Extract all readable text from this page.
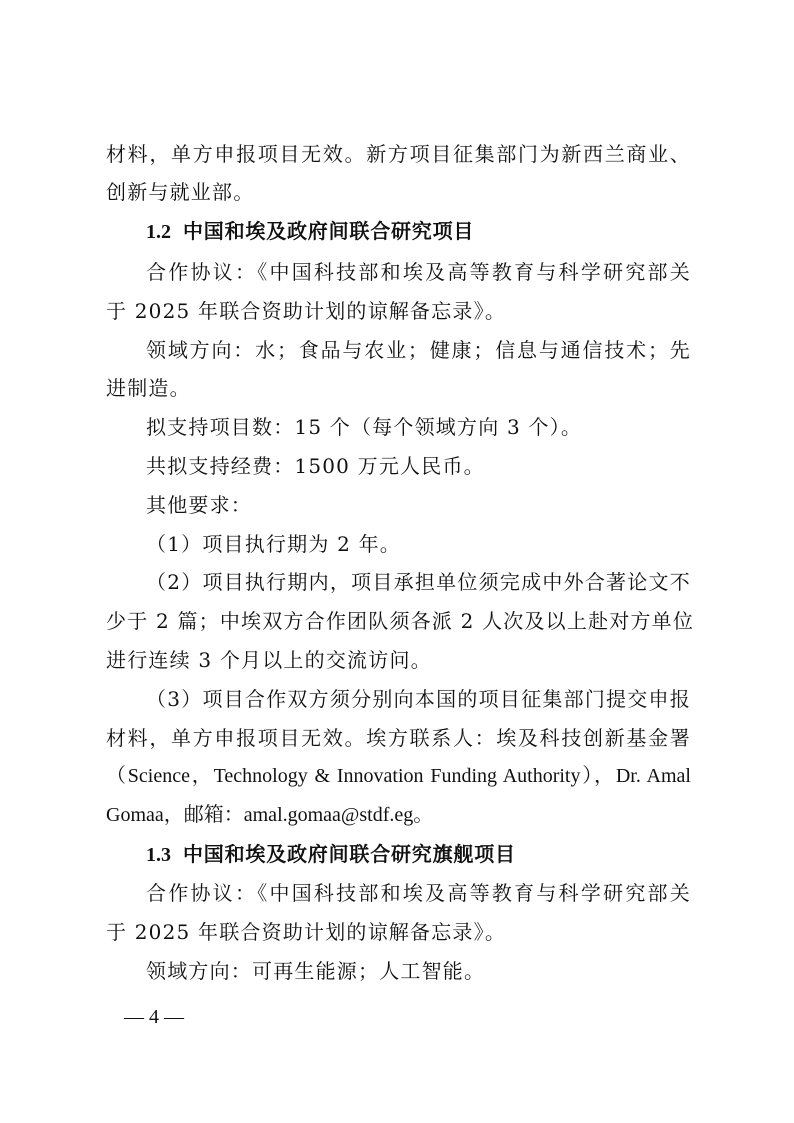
材料，单方申报项目无效。新方项目征集部门为新西兰商业、
创新与就业部。
1.2 中国和埃及政府间联合研究项目
合作协议：《中国科技部和埃及高等教育与科学研究部关
于 2025 年联合资助计划的谅解备忘录》。
领域方向：水；食品与农业；健康；信息与通信技术；先
进制造。
拟支持项目数：15 个（每个领域方向 3 个）。
共拟支持经费：1500 万元人民币。
其他要求：
（1）项目执行期为 2 年。
（2）项目执行期内，项目承担单位须完成中外合著论文不
少于 2 篇；中埃双方合作团队须各派 2 人次及以上赴对方单位
进行连续 3 个月以上的交流访问。
（3）项目合作双方须分别向本国的项目征集部门提交申报
材料，单方申报项目无效。埃方联系人：埃及科技创新基金署
（Science，Technology & Innovation Funding Authority），Dr. Amal
Gomaa，邮箱：amal.gomaa@stdf.eg。
1.3 中国和埃及政府间联合研究旗舰项目
合作协议：《中国科技部和埃及高等教育与科学研究部关
于 2025 年联合资助计划的谅解备忘录》。
领域方向：可再生能源；人工智能。
— 4 —
